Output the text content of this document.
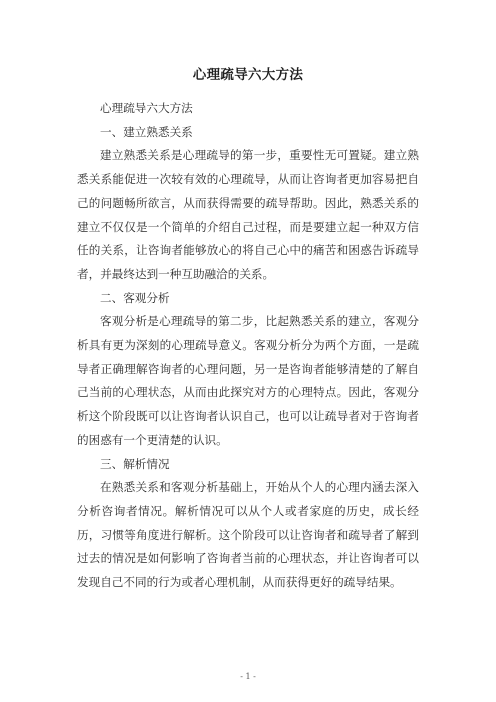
心理疏导六大方法

心理疏导六大方法

一、建立熟悉关系

建立熟悉关系是心理疏导的第一步，重要性无可置疑。建立熟悉关系能促进一次较有效的心理疏导，从而让咨询者更加容易把自己的问题畅所欲言，从而获得需要的疏导帮助。因此，熟悉关系的建立不仅仅是一个简单的介绍自己过程，而是要建立起一种双方信任的关系，让咨询者能够放心的将自己心中的痛苦和困惑告诉疏导者，并最终达到一种互助融洽的关系。

二、客观分析

客观分析是心理疏导的第二步，比起熟悉关系的建立，客观分析具有更为深刻的心理疏导意义。客观分析分为两个方面，一是疏导者正确理解咨询者的心理问题，另一是咨询者能够清楚的了解自己当前的心理状态，从而由此探究对方的心理特点。因此，客观分析这个阶段既可以让咨询者认识自己，也可以让疏导者对于咨询者的困惑有一个更清楚的认识。

三、解析情况

在熟悉关系和客观分析基础上，开始从个人的心理内涵去深入分析咨询者情况。解析情况可以从个人或者家庭的历史，成长经历，习惯等角度进行解析。这个阶段可以让咨询者和疏导者了解到过去的情况是如何影响了咨询者当前的心理状态，并让咨询者可以发现自己不同的行为或者心理机制，从而获得更好的疏导结果。

- 1 -
